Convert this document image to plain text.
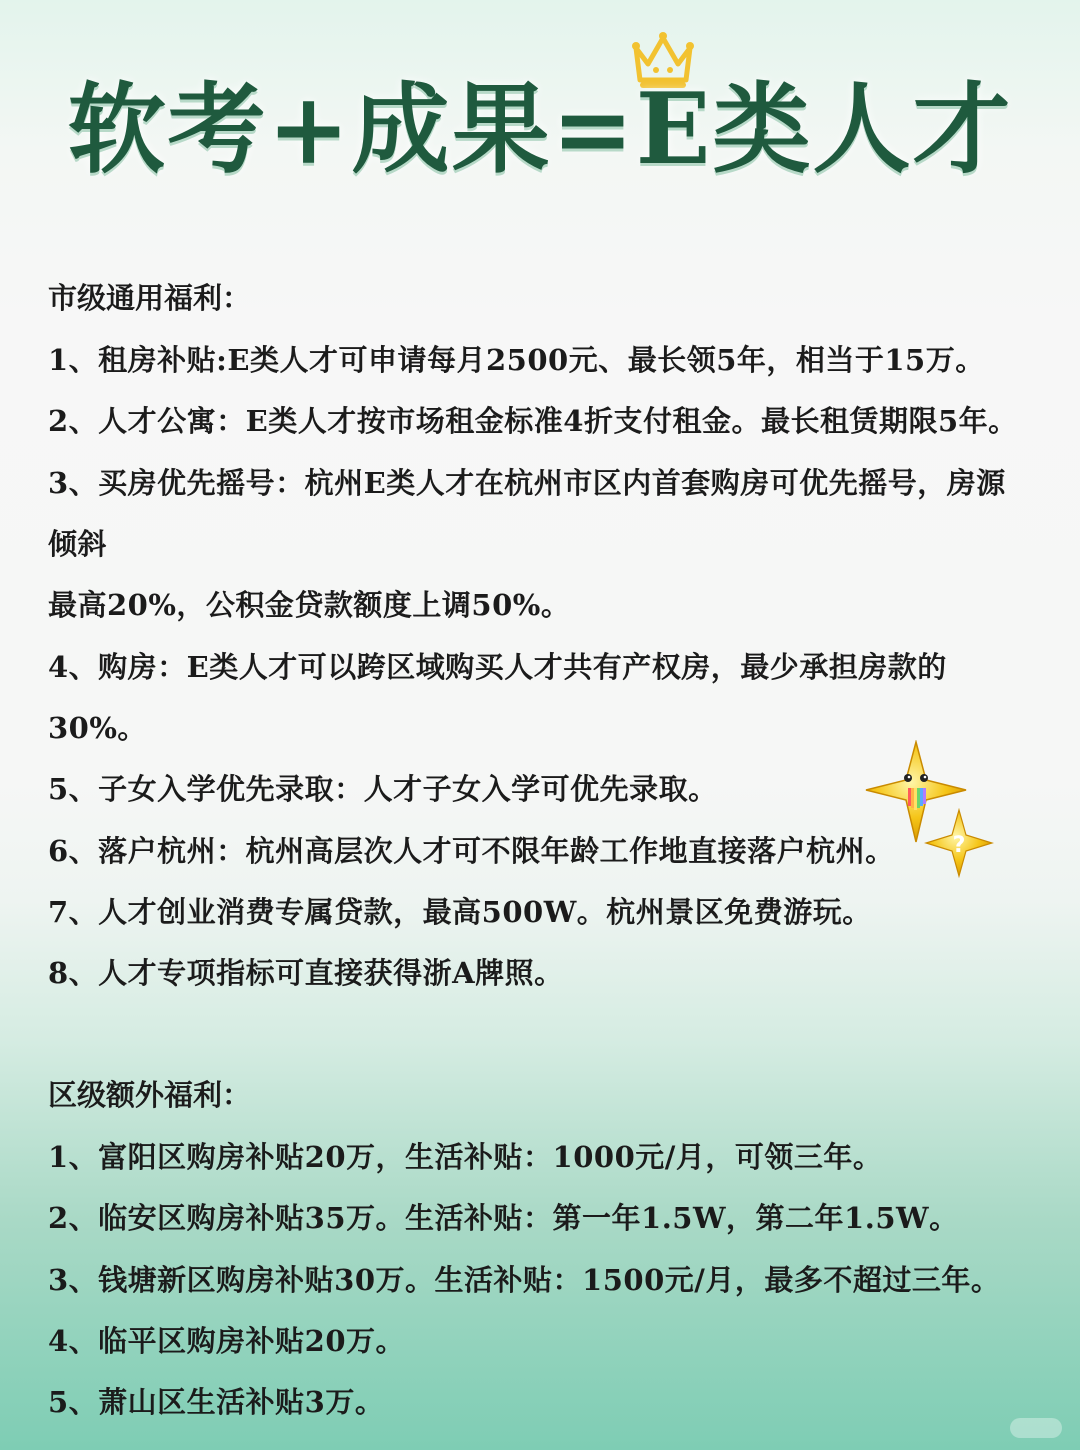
软考+成果=E类人才
市级通用福利：
1、租房补贴:E类人才可申请每月2500元、最长领5年，相当于15万。
2、人才公寓：E类人才按市场租金标准4折支付租金。最长租赁期限5年。
3、买房优先摇号：杭州E类人才在杭州市区内首套购房可优先摇号，房源
倾斜
最高20%，公积金贷款额度上调50%。
4、购房：E类人才可以跨区域购买人才共有产权房，最少承担房款的
30%。
5、子女入学优先录取：人才子女入学可优先录取。
6、落户杭州：杭州高层次人才可不限年龄工作地直接落户杭州。
7、人才创业消费专属贷款，最高500W。杭州景区免费游玩。
8、人才专项指标可直接获得浙A牌照。
区级额外福利：
1、富阳区购房补贴20万，生活补贴：1000元/月，可领三年。
2、临安区购房补贴35万。生活补贴：第一年1.5W，第二年1.5W。
3、钱塘新区购房补贴30万。生活补贴：1500元/月，最多不超过三年。
4、临平区购房补贴20万。
5、萧山区生活补贴3万。
?
